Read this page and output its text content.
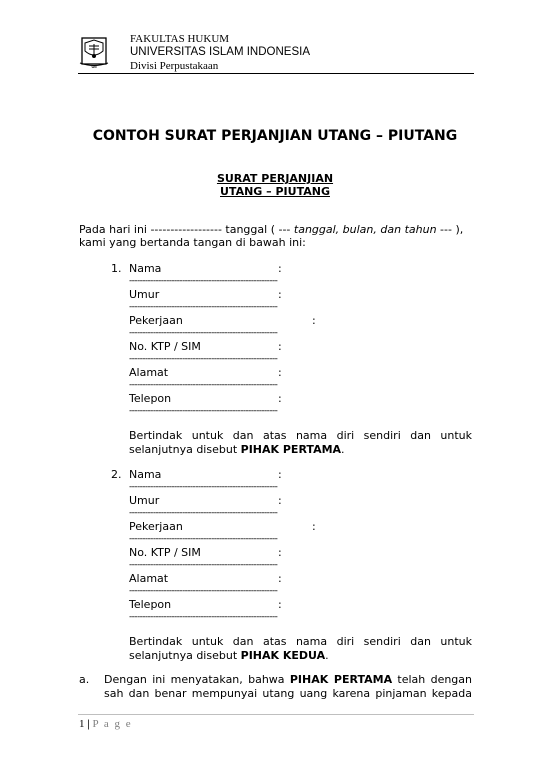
UII
FAKULTAS HUKUM
UNIVERSITAS ISLAM INDONESIA
Divisi Perpustakaan
CONTOH SURAT PERJANJIAN UTANG – PIUTANG
SURAT PERJANJIAN
UTANG – PIUTANG
Pada hari ini ------------------ tanggal ( --- tanggal, bulan, dan tahun --- ),
kami yang bertanda tangan di bawah ini:
1. Nama	:
--------------------------------------------------------
Umur	:
--------------------------------------------------------
Pekerjaan	:
--------------------------------------------------------
No. KTP / SIM	:
--------------------------------------------------------
Alamat	:
--------------------------------------------------------
Telepon	:
--------------------------------------------------------
Bertindak untuk dan atas nama diri sendiri dan untuk
selanjutnya disebut PIHAK PERTAMA.
2. Nama	:
--------------------------------------------------------
Umur	:
--------------------------------------------------------
Pekerjaan	:
--------------------------------------------------------
No. KTP / SIM	:
--------------------------------------------------------
Alamat	:
--------------------------------------------------------
Telepon	:
--------------------------------------------------------
Bertindak untuk dan atas nama diri sendiri dan untuk
selanjutnya disebut PIHAK KEDUA.
a. Dengan ini menyatakan, bahwa PIHAK PERTAMA telah dengan
sah dan benar mempunyai utang uang karena pinjaman kepada
1 | P a g e
